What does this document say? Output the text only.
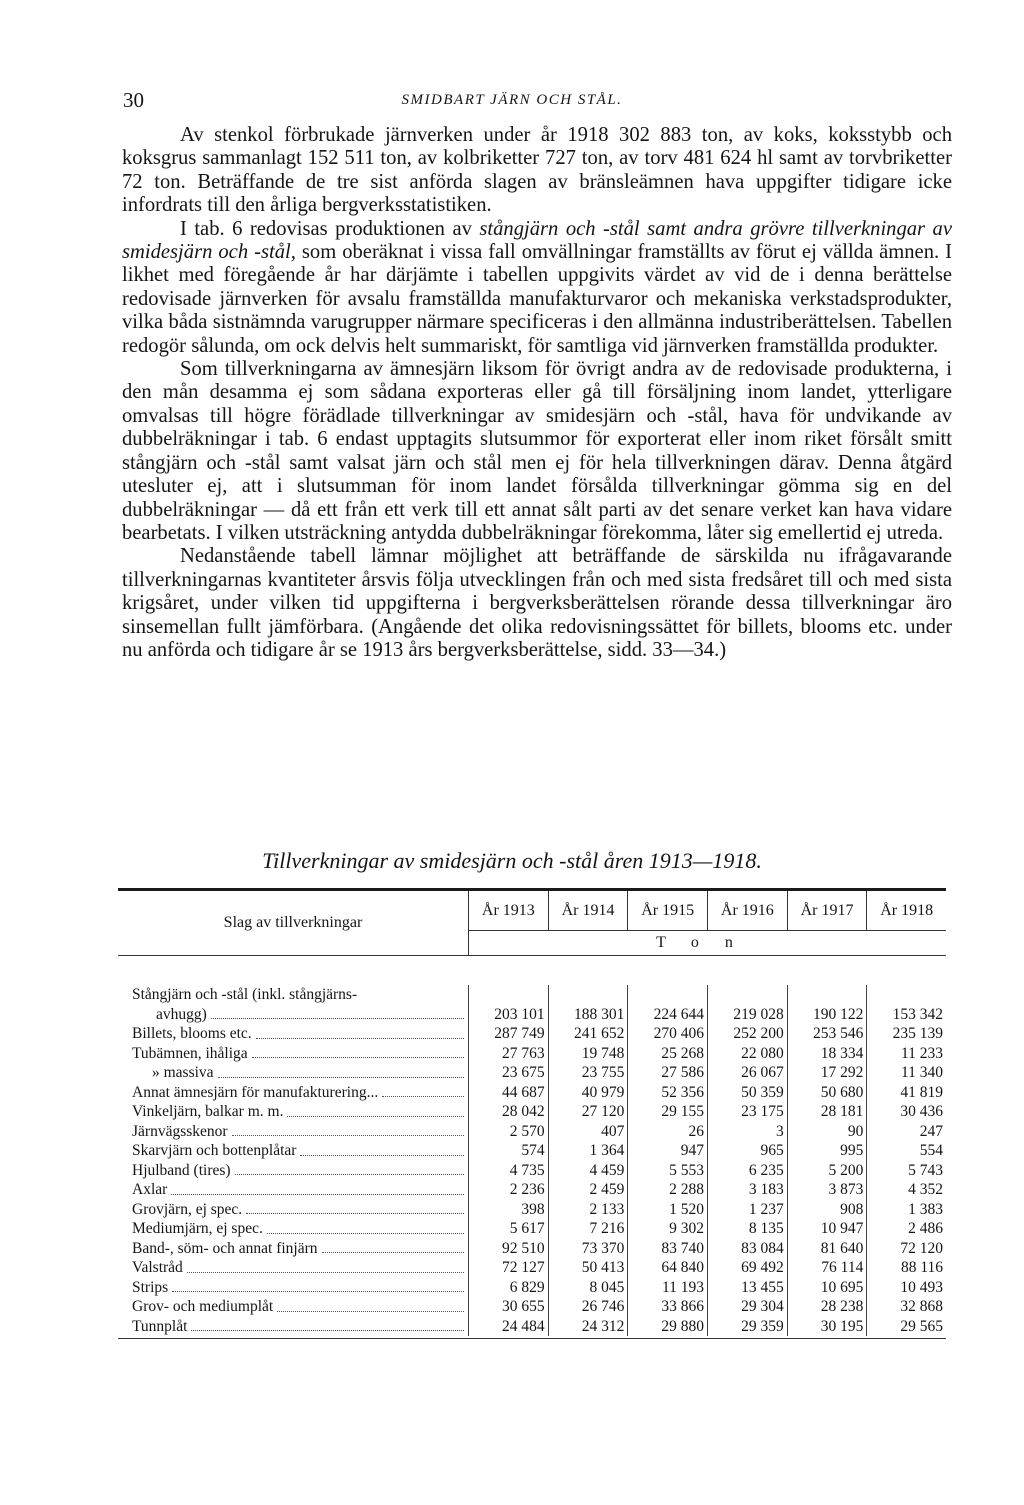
30	SMIDBART JÄRN OCH STÅL.

Av stenkol förbrukade järnverken under år 1918 302 883 ton, av koks, koksstybb och koksgrus sammanlagt 152 511 ton, av kolbriketter 727 ton, av torv 481 624 hl samt av torvbriketter 72 ton. Beträffande de tre sist anförda slagen av bränsleämnen hava uppgifter tidigare icke infordrats till den årliga bergverksstatistiken.

I tab. 6 redovisas produktionen av stångjärn och -stål samt andra grövre tillverkningar av smidesjärn och -stål, som oberäknat i vissa fall omvällningar framställts av förut ej vällda ämnen. I likhet med föregående år har därjämte i tabellen uppgivits värdet av vid de i denna berättelse redovisade järnverken för avsalu framställda manufakturvaror och mekaniska verkstadsprodukter, vilka båda sistnämnda varugrupper närmare specificeras i den allmänna industriberättelsen. Tabellen redogör sålunda, om ock delvis helt summariskt, för samtliga vid järnverken framställda produkter.

Som tillverkningarna av ämnesjärn liksom för övrigt andra av de redovisade produkterna, i den mån desamma ej som sådana exporteras eller gå till försäljning inom landet, ytterligare omvalsas till högre förädlade tillverkningar av smidesjärn och -stål, hava för undvikande av dubbelräkningar i tab. 6 endast upptagits slutsummor för exporterat eller inom riket försålt smitt stångjärn och -stål samt valsat järn och stål men ej för hela tillverkningen därav. Denna åtgärd utesluter ej, att i slutsumman för inom landet försålda tillverkningar gömma sig en del dubbelräkningar — då ett från ett verk till ett annat sålt parti av det senare verket kan hava vidare bearbetats. I vilken utsträckning antydda dubbelräkningar förekomma, låter sig emellertid ej utreda.

Nedanstående tabell lämnar möjlighet att beträffande de särskilda nu ifrågavarande tillverkningarnas kvantiteter årsvis följa utvecklingen från och med sista fredsåret till och med sista krigsåret, under vilken tid uppgifterna i bergverksberättelsen rörande dessa tillverkningar äro sinsemellan fullt jämförbara. (Angående det olika redovisningssättet för billets, blooms etc. under nu anförda och tidigare år se 1913 års bergverksberättelse, sidd. 33—34.)

Tillverkningar av smidesjärn och -stål åren 1913—1918.
Slag av tillverkningar
År 1913	År 1914	År 1915	År 1916	År 1917	År 1918
Ton
Stångjärn och -stål (inkl. stångjärns-
avhugg)	203 101	188 301	224 644	219 028	190 122	153 342
Billets, blooms etc.	287 749	241 652	270 406	252 200	253 546	235 139
Tubämnen, ihåliga	27 763	19 748	25 268	22 080	18 334	11 233
» massiva	23 675	23 755	27 586	26 067	17 292	11 340
Annat ämnesjärn för manufakturering...	44 687	40 979	52 356	50 359	50 680	41 819
Vinkeljärn, balkar m. m.	28 042	27 120	29 155	23 175	28 181	30 436
Järnvägsskenor	2 570	407	26	3	90	247
Skarvjärn och bottenplåtar	574	1 364	947	965	995	554
Hjulband (tires)	4 735	4 459	5 553	6 235	5 200	5 743
Axlar	2 236	2 459	2 288	3 183	3 873	4 352
Grovjärn, ej spec.	398	2 133	1 520	1 237	908	1 383
Mediumjärn, ej spec.	5 617	7 216	9 302	8 135	10 947	2 486
Band-, söm- och annat finjärn	92 510	73 370	83 740	83 084	81 640	72 120
Valstråd	72 127	50 413	64 840	69 492	76 114	88 116
Strips	6 829	8 045	11 193	13 455	10 695	10 493
Grov- och mediumplåt	30 655	26 746	33 866	29 304	28 238	32 868
Tunnplåt	24 484	24 312	29 880	29 359	30 195	29 565
